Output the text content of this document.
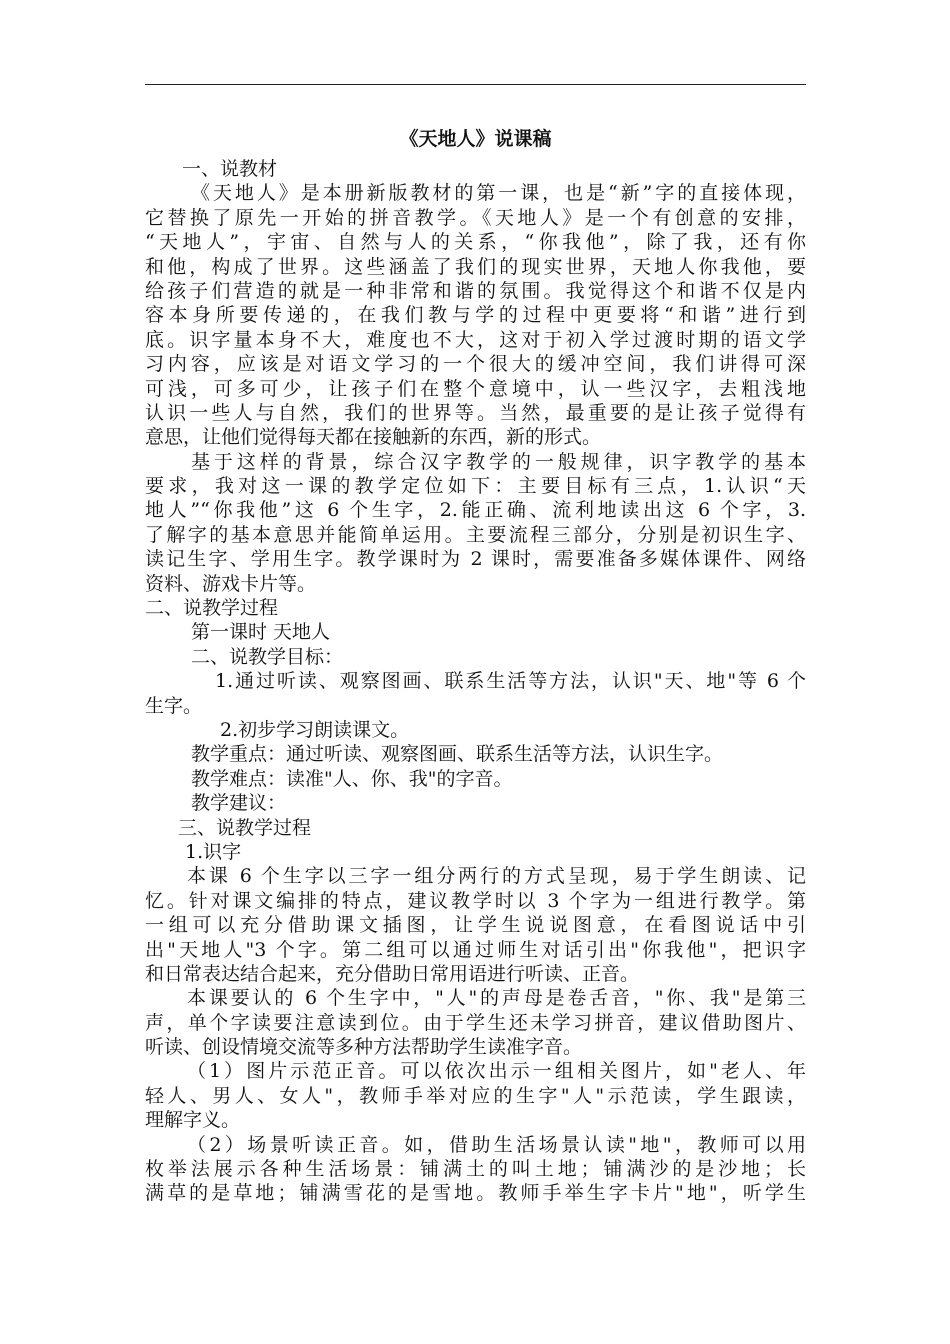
《天地人》说课稿
一、说教材
《天地人》是本册新版教材的第一课，也是“新”字的直接体现，
它替换了原先一开始的拼音教学。《天地人》是一个有创意的安排，
“天地人”，宇宙、自然与人的关系，“你我他”，除了我，还有你
和他，构成了世界。这些涵盖了我们的现实世界，天地人你我他，要
给孩子们营造的就是一种非常和谐的氛围。我觉得这个和谐不仅是内
容本身所要传递的，在我们教与学的过程中更要将“和谐”进行到
底。识字量本身不大，难度也不大，这对于初入学过渡时期的语文学
习内容，应该是对语文学习的一个很大的缓冲空间，我们讲得可深
可浅，可多可少，让孩子们在整个意境中，认一些汉字，去粗浅地
认识一些人与自然，我们的世界等。当然，最重要的是让孩子觉得有
意思，让他们觉得每天都在接触新的东西，新的形式。
基于这样的背景，综合汉字教学的一般规律，识字教学的基本
要求，我对这一课的教学定位如下：主要目标有三点，1.认识“天
地人”“你我他”这 6 个生字，2.能正确、流利地读出这 6 个字，3.
了解字的基本意思并能简单运用。主要流程三部分，分别是初识生字、
读记生字、学用生字。教学课时为 2 课时，需要准备多媒体课件、网络
资料、游戏卡片等。
二、说教学过程
第一课时 天地人
二、说教学目标：
1.通过听读、观察图画、联系生活等方法，认识"天、地"等 6 个
生字。
2.初步学习朗读课文。
教学重点：通过听读、观察图画、联系生活等方法，认识生字。
教学难点：读准"人、你、我"的字音。
教学建议：
三、说教学过程
1.识字
本课 6 个生字以三字一组分两行的方式呈现，易于学生朗读、记
忆。针对课文编排的特点，建议教学时以 3 个字为一组进行教学。第
一组可以充分借助课文插图，让学生说说图意，在看图说话中引
出"天地人"3 个字。第二组可以通过师生对话引出"你我他"，把识字
和日常表达结合起来，充分借助日常用语进行听读、正音。
本课要认的 6 个生字中，"人"的声母是卷舌音，"你、我"是第三
声，单个字读要注意读到位。由于学生还未学习拼音，建议借助图片、
听读、创设情境交流等多种方法帮助学生读准字音。
（1）图片示范正音。可以依次出示一组相关图片，如"老人、年
轻人、男人、女人"，教师手举对应的生字"人"示范读，学生跟读，
理解字义。
（2）场景听读正音。如，借助生活场景认读"地"，教师可以用
枚举法展示各种生活场景：铺满土的叫土地；铺满沙的是沙地；长
满草的是草地；铺满雪花的是雪地。教师手举生字卡片"地"，听学生
